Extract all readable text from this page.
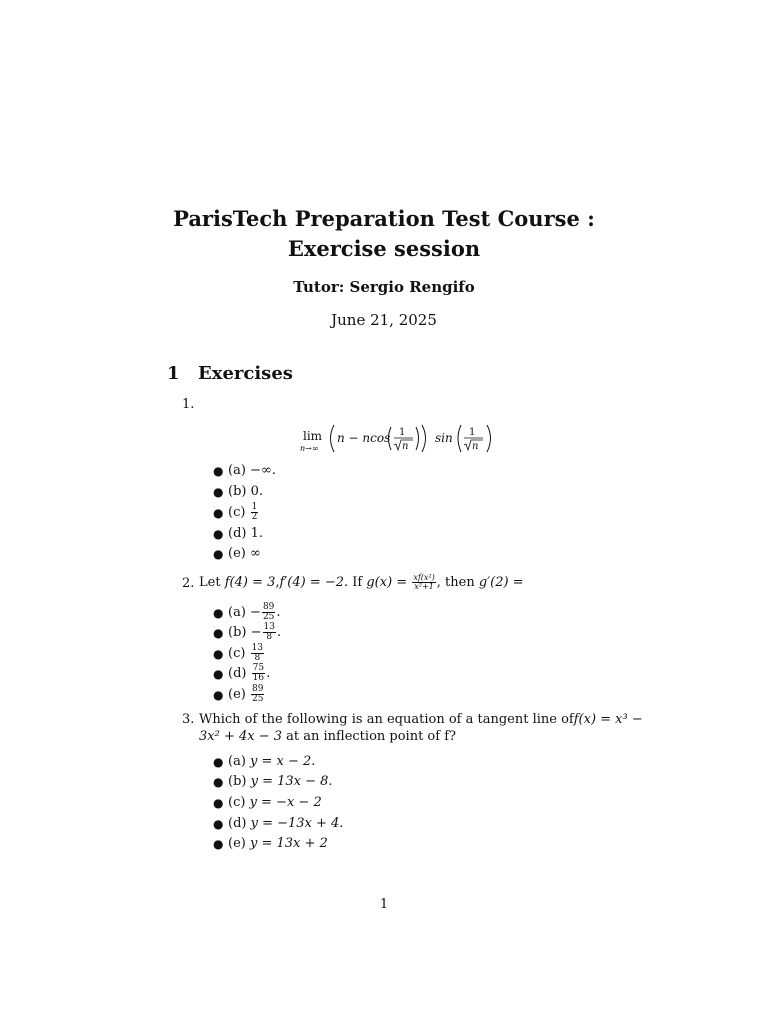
ParisTech Preparation Test Course :
Exercise session
Tutor: Sergio Rengifo
June 21, 2025
1 Exercises
1.
lim
n→∞
n − ncos 1
n
sin 1
n
● (a)
−∞.
● (b)
0.
● (c)
$\frac{1}{2}$
● (d)
1.
● (e)
∞
2. Let
f(4) = 3 , f′(4) = −2 . If
g(x) =
$\frac{\text{xf(x²)}}{\text{x²+1}}$ , then
g′(2) =
● (a)
− $\frac{89}{25}$ .
● (b)
− $\frac{13}{8}$ .
● (c)
$\frac{13}{8}$
● (d)
$\frac{75}{16}$ .
● (e)
$\frac{89}{25}$
3. Which of the following is an equation of a tangent line of f(x) = x³ −
3x² + 4x − 3 at an inflection point of f?
● (a)
y = x − 2.
● (b)
y = 13x − 8.
● (c)
y = −x − 2
● (d)
y = −13x + 4.
● (e)
y = 13x + 2
1
